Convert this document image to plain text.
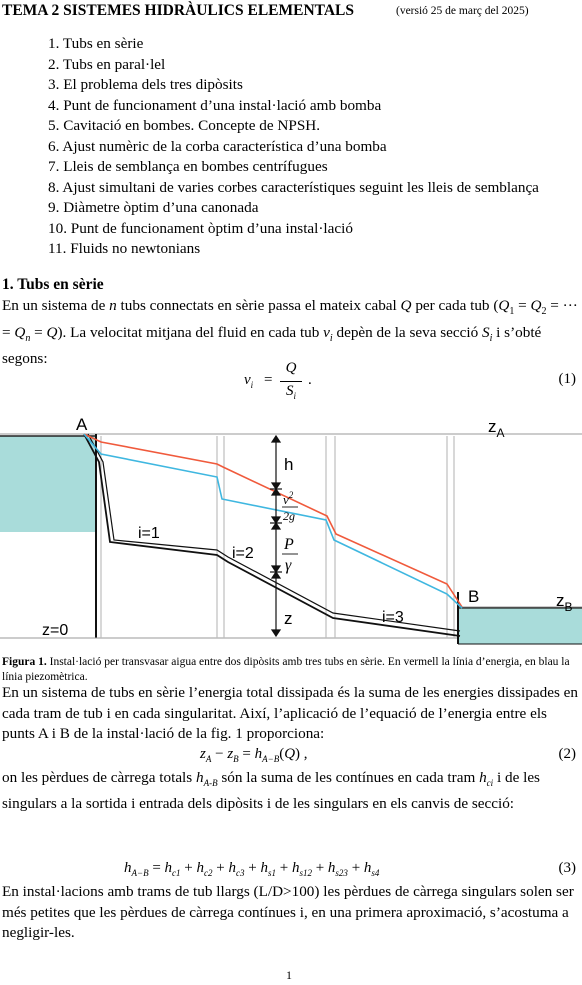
TEMA 2 SISTEMES HIDRÀULICS ELEMENTALS	(versió 25 de març del 2025)
1. Tubs en sèrie
2. Tubs en paral·lel
3. El problema dels tres dipòsits
4. Punt de funcionament d’una instal·lació amb bomba
5. Cavitació en bombes. Concepte de NPSH.
6. Ajust numèric de la corba característica d’una bomba
7. Lleis de semblança en bombes centrífugues
8. Ajust simultani de varies corbes característiques seguint les lleis de semblança
9. Diàmetre òptim d’una canonada
10. Punt de funcionament òptim d’una instal·lació
11. Fluids no newtonians
1. Tubs en sèrie
En un sistema de n tubs connectats en sèrie passa el mateix cabal Q per cada tub ($Q_1 = Q_2$ = ··· = $Q_n = Q$). La velocitat mitjana del fluid en cada tub $v_i$ depèn de la seva secció $S_i$ i s’obté segons:
$v_i$ =
Q
$S_i$
.	(1)
A	$z_A$
B	$z_B$
z=0
h
z
i=1
i=2
i=3
$v^2$
2g
P
γ
Figura 1. Instal·lació per transvasar aigua entre dos dipòsits amb tres tubs en sèrie. En vermell la línia d’energia, en blau la línia piezomètrica.
En un sistema de tubs en sèrie l’energia total dissipada és la suma de les energies dissipades en cada tram de tub i en cada singularitat. Així, l’aplicació de l’equació de l’energia entre els punts A i B de la instal·lació de la fig. 1 proporciona:
$z_A - z_B = h_{A-B}(Q)$ ,	(2)
on les pèrdues de càrrega totals $h_{A-B}$ són la suma de les contínues en cada tram $h_{ci}$ i de les singulars a la sortida i entrada dels dipòsits i de les singulars en els canvis de secció:
$h_{A-B} = h_{c1} + h_{c2} + h_{c3} + h_{s1} + h_{s12} + h_{s23} + h_{s4}$	(3)
En instal·lacions amb trams de tub llargs (L/D>100) les pèrdues de càrrega singulars solen ser més petites que les pèrdues de càrrega contínues i, en una primera aproximació, s’acostuma a negligir-les.
1
